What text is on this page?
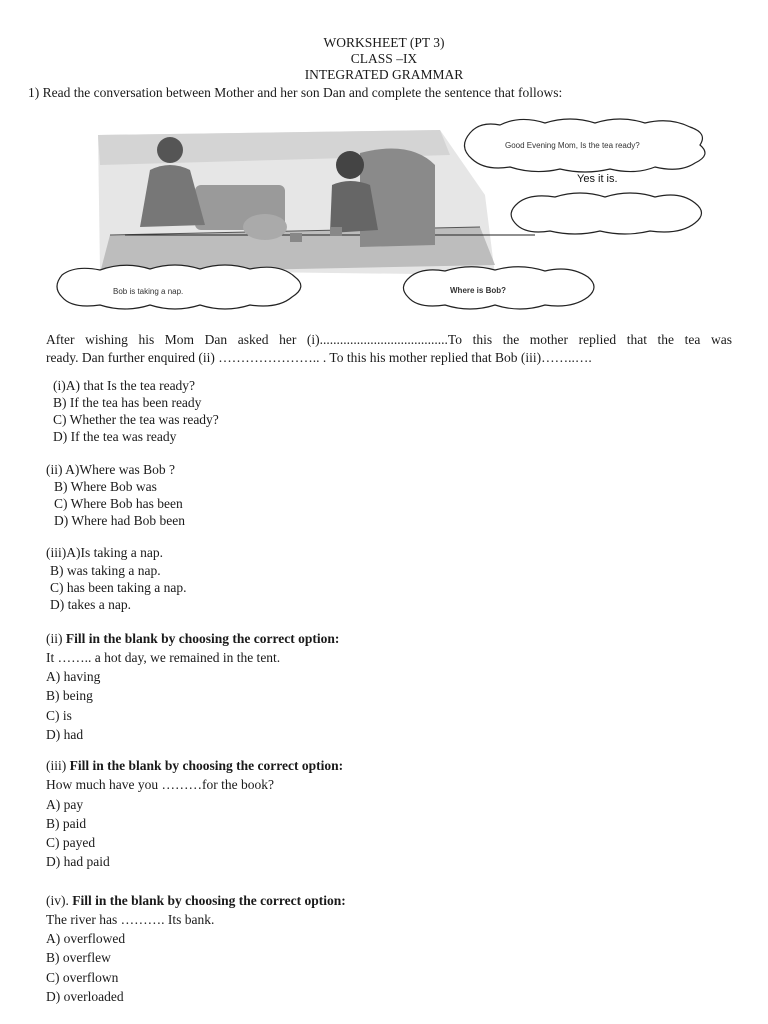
WORKSHEET (PT 3)
CLASS –IX
INTEGRATED GRAMMAR
1) Read the conversation between Mother and her son Dan and complete the sentence that follows:
Good Evening Mom, Is the tea ready?
Yes it is.
Bob is taking a nap.	Where is Bob?
After wishing his Mom Dan asked her (i)......................................To this the mother replied that the tea was
ready. Dan further enquired (ii) ………………….. . To this his mother replied that Bob (iii)……..….
(i)A) that Is the tea ready?
B) If the tea has been ready
C) Whether the tea was ready?
D) If the tea was ready
(ii) A)Where was Bob ?
B) Where Bob was
C) Where Bob has been
D) Where had Bob been
(iii)A)Is taking a nap.
B) was taking a nap.
C) has been taking a nap.
D) takes a nap.
(ii) Fill in the blank by choosing the correct option:
It …….. a hot day, we remained in the tent.
A) having
B) being
C) is
D) had
(iii) Fill in the blank by choosing the correct option:
How much have you ………for the book?
A) pay
B) paid
C) payed
D) had paid
(iv). Fill in the blank by choosing the correct option:
The river has ………. Its bank.
A) overflowed
B) overflew
C) overflown
D) overloaded
